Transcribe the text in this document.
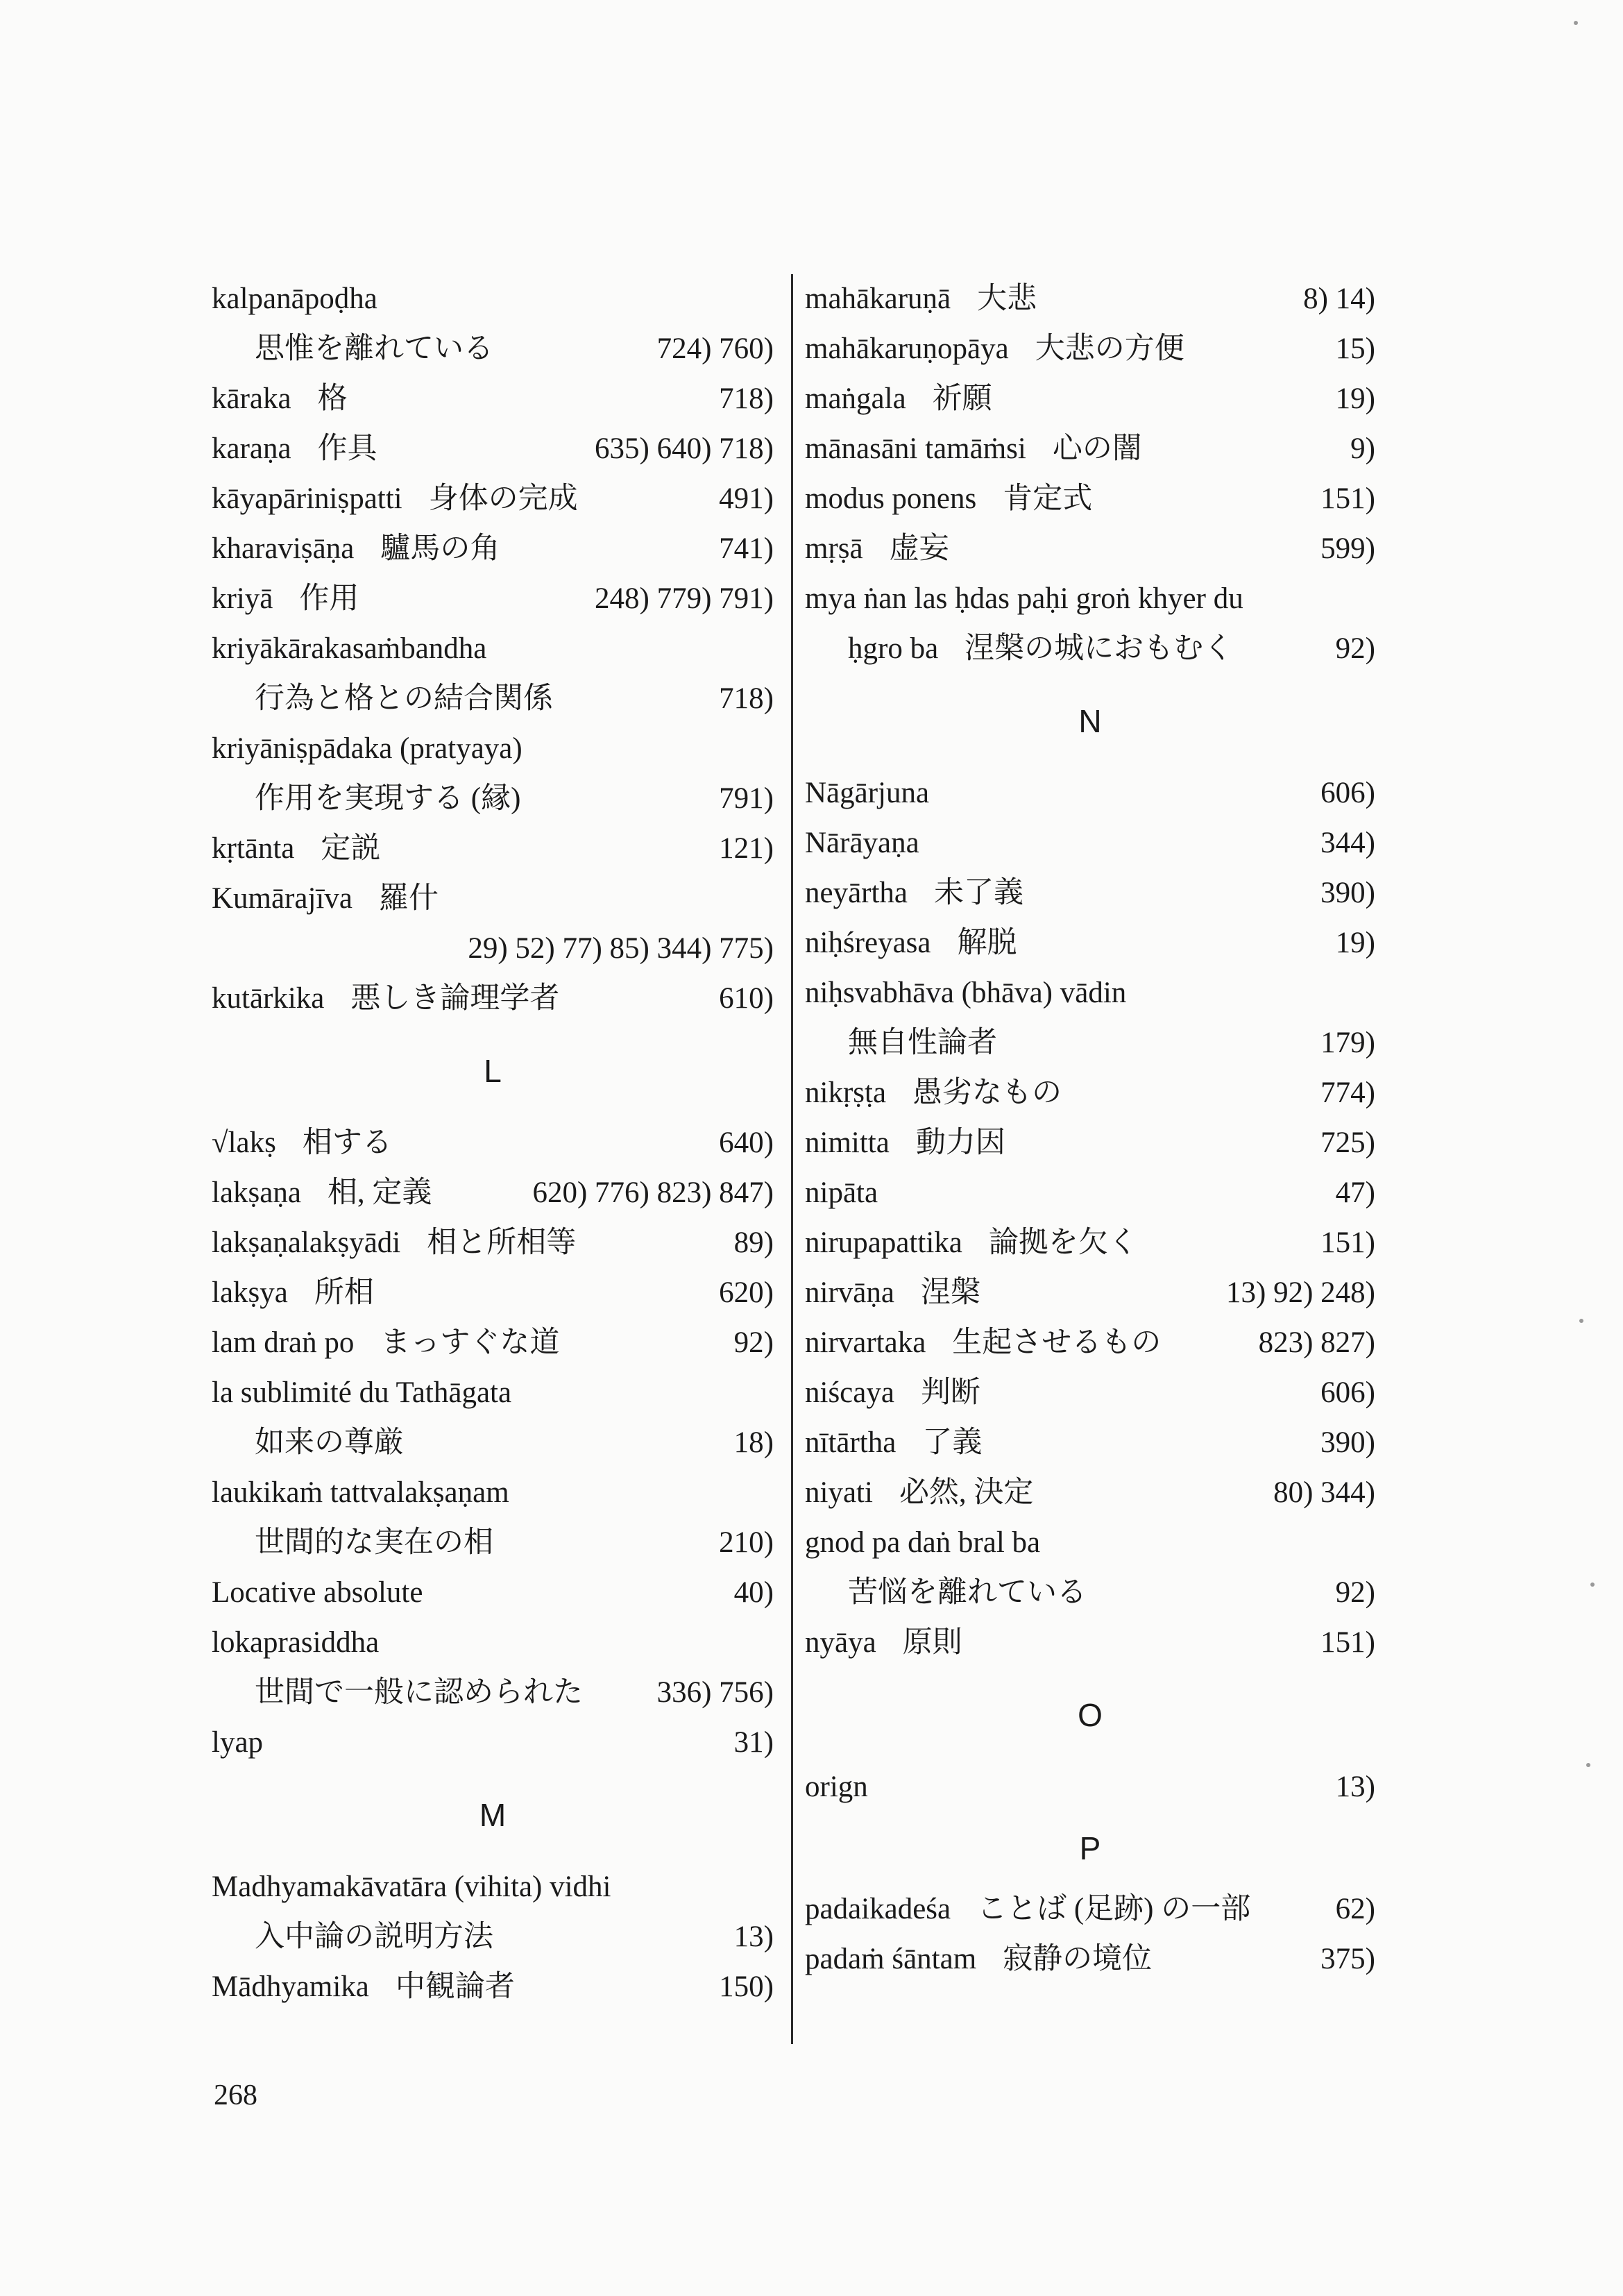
kalpanāpoḍha
思惟を離れている	724) 760)
kāraka 格	718)
karaṇa 作具	635) 640) 718)
kāyapāriniṣpatti 身体の完成	491)
kharaviṣāṇa 驢馬の角	741)
kriyā 作用	248) 779) 791)
kriyākārakasaṁbandha
行為と格との結合関係	718)
kriyāniṣpādaka (pratyaya)
作用を実現する (縁)	791)
kṛtānta 定説	121)
Kumārajīva 羅什
29) 52) 77) 85) 344) 775)
kutārkika 悪しき論理学者	610)
L
√lakṣ 相する	640)
lakṣaṇa 相, 定義	620) 776) 823) 847)
lakṣaṇalakṣyādi 相と所相等	89)
lakṣya 所相	620)
lam draṅ po まっすぐな道	92)
la sublimité du Tathāgata
如来の尊厳	18)
laukikaṁ tattvalakṣaṇam
世間的な実在の相	210)
Locative absolute	40)
lokaprasiddha
世間で一般に認められた 336) 756)
lyap	31)
M
Madhyamakāvatāra (vihita) vidhi
入中論の説明方法	13)
Mādhyamika 中観論者	150)
mahākaruṇā 大悲	8) 14)
mahākaruṇopāya 大悲の方便	15)
maṅgala 祈願	19)
mānasāni tamāṁsi 心の闇	9)
modus ponens 肯定式	151)
mṛṣā 虚妄	599)
mya ṅan las ḥdas paḥi groṅ khyer du
ḥgro ba 涅槃の城におもむく	92)
N
Nāgārjuna	606)
Nārāyaṇa	344)
neyārtha 未了義	390)
niḥśreyasa 解脱	19)
niḥsvabhāva (bhāva) vādin
無自性論者	179)
nikṛṣṭa 愚劣なもの	774)
nimitta 動力因	725)
nipāta	47)
nirupapattika 論拠を欠く	151)
nirvāṇa 涅槃	13) 92) 248)
nirvartaka 生起させるもの	823) 827)
niścaya 判断	606)
nītārtha 了義	390)
niyati 必然, 決定	80) 344)
gnod pa daṅ bral ba
苦悩を離れている	92)
nyāya 原則	151)
O
orign	13)
P
padaikadeśa ことば (足跡) の一部	62)
padaṁ śāntam 寂静の境位	375)
268
